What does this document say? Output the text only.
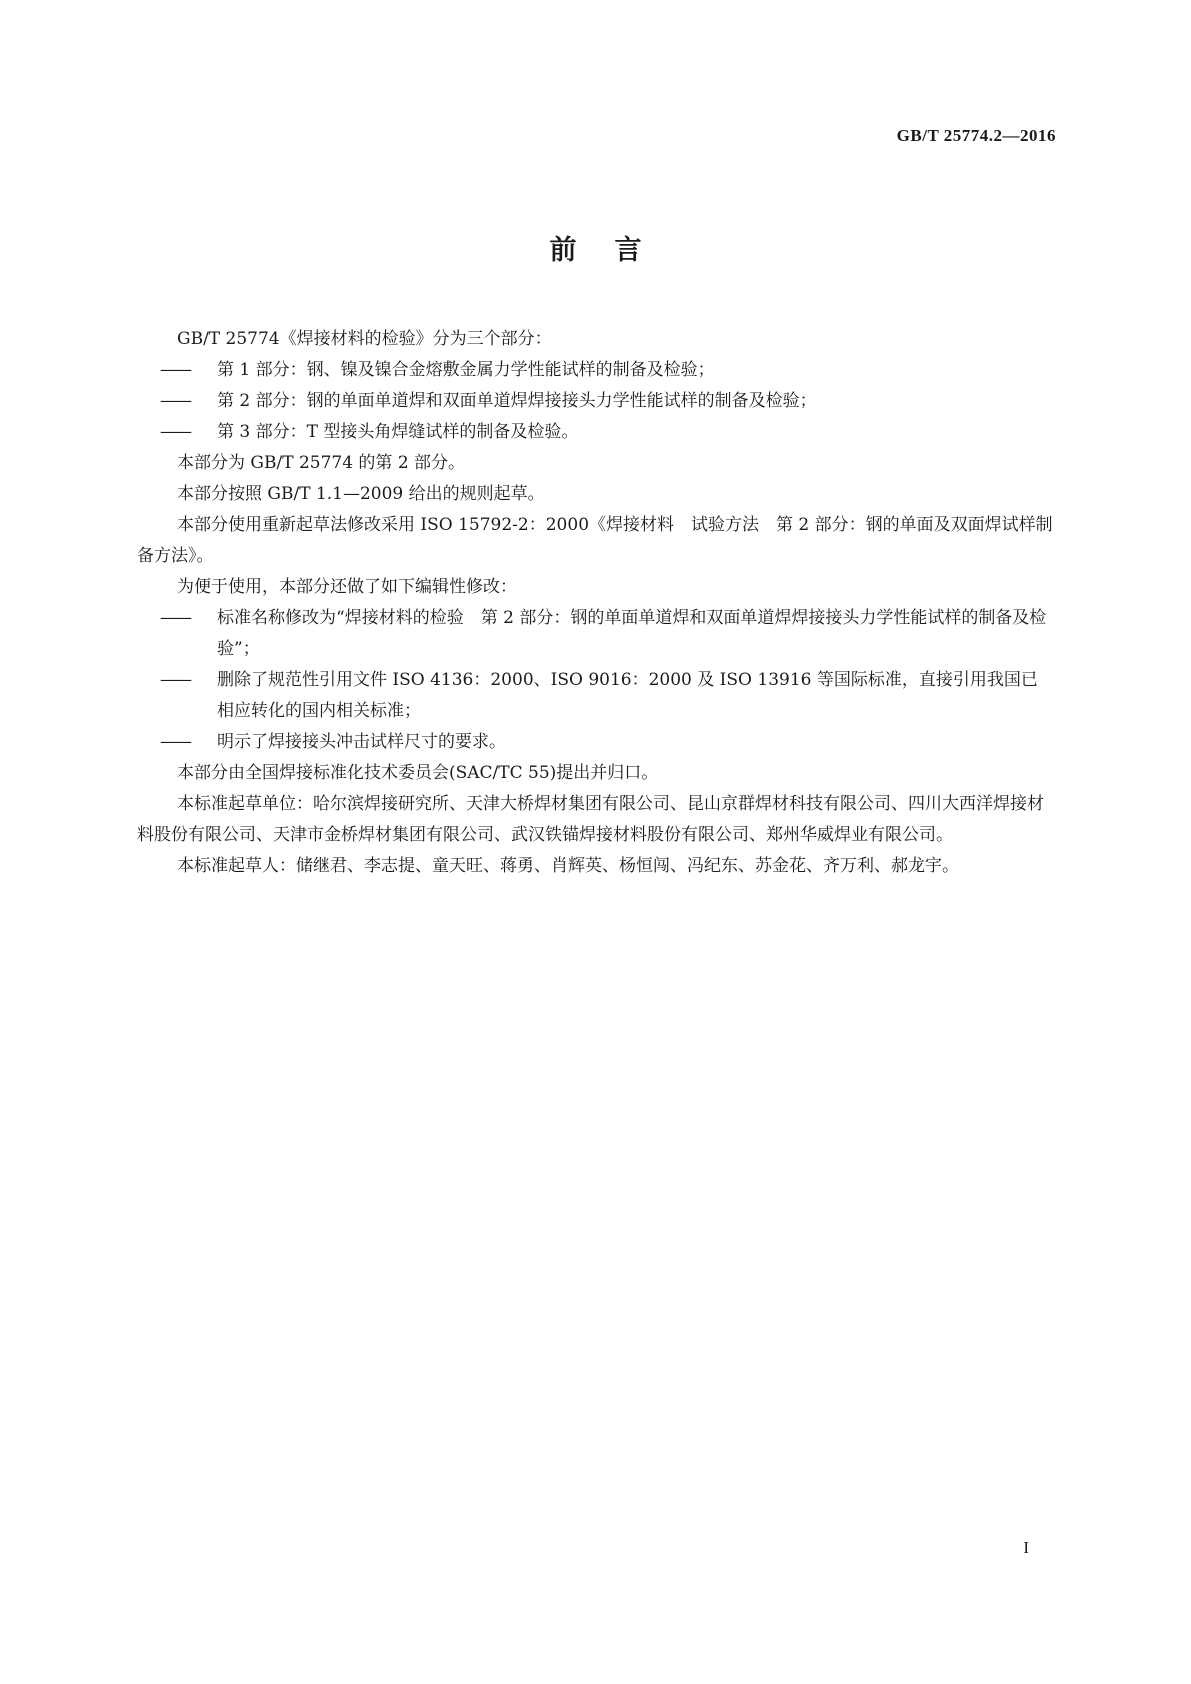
GB/T 25774.2—2016
前言

GB/T 25774《焊接材料的检验》分为三个部分：

—— 第 1 部分：钢、镍及镍合金熔敷金属力学性能试样的制备及检验；

—— 第 2 部分：钢的单面单道焊和双面单道焊焊接接头力学性能试样的制备及检验；

—— 第 3 部分：T 型接头角焊缝试样的制备及检验。

本部分为 GB/T 25774 的第 2 部分。

本部分按照 GB/T 1.1—2009 给出的规则起草。

本部分使用重新起草法修改采用 ISO 15792-2：2000《焊接材料　试验方法　第 2 部分：钢的单面及双面焊试样制备方法》。

为便于使用，本部分还做了如下编辑性修改：

—— 标准名称修改为“焊接材料的检验　第 2 部分：钢的单面单道焊和双面单道焊焊接接头力学性能试样的制备及检验”；

—— 删除了规范性引用文件 ISO 4136：2000、ISO 9016：2000 及 ISO 13916 等国际标准，直接引用我国已相应转化的国内相关标准；

—— 明示了焊接接头冲击试样尺寸的要求。

本部分由全国焊接标准化技术委员会(SAC/TC 55)提出并归口。

本标准起草单位：哈尔滨焊接研究所、天津大桥焊材集团有限公司、昆山京群焊材科技有限公司、四川大西洋焊接材料股份有限公司、天津市金桥焊材集团有限公司、武汉铁锚焊接材料股份有限公司、郑州华威焊业有限公司。

本标准起草人：储继君、李志提、童天旺、蒋勇、肖辉英、杨恒闯、冯纪东、苏金花、齐万利、郝龙宇。

I
